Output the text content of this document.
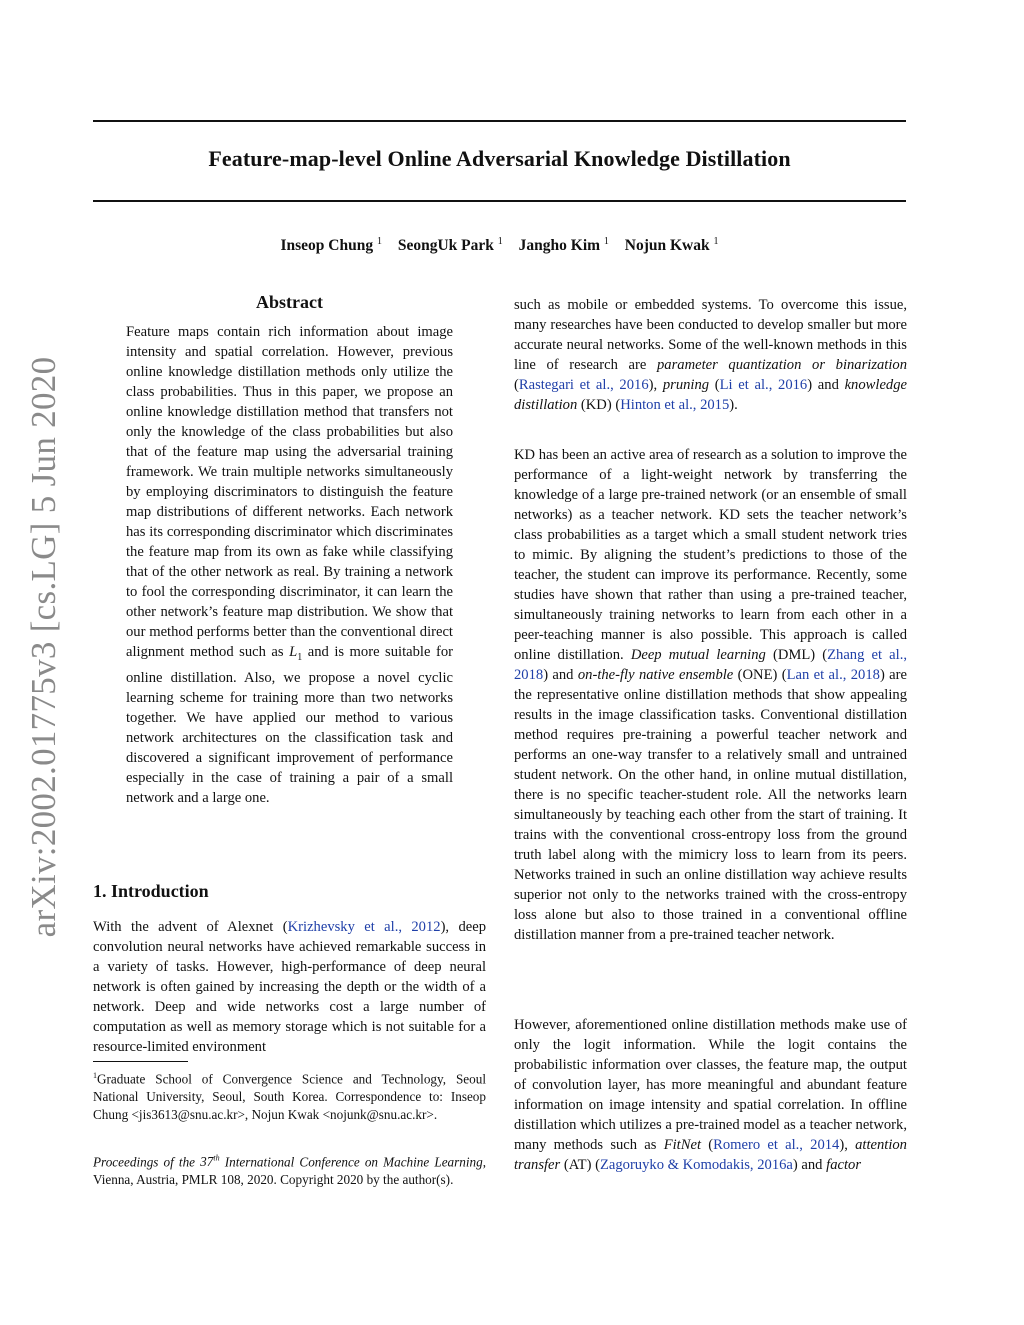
Feature-map-level Online Adversarial Knowledge Distillation
Inseop Chung $^1$ SeongUk Park $^1$ Jangho Kim $^1$ Nojun Kwak $^1$
arXiv:2002.01775v3 [cs.LG] 5 Jun 2020
Abstract
Feature maps contain rich information about image intensity and spatial correlation. However, previous online knowledge distillation methods only utilize the class probabilities. Thus in this paper, we propose an online knowledge distillation method that transfers not only the knowledge of the class probabilities but also that of the feature map using the adversarial training framework. We train multiple networks simultaneously by employing discriminators to distinguish the feature map distributions of different networks. Each network has its corresponding discriminator which discriminates the feature map from its own as fake while classifying that of the other network as real. By training a network to fool the corresponding discriminator, it can learn the other network’s feature map distribution. We show that our method performs better than the conventional direct alignment method such as $L_1$ and is more suitable for online distillation. Also, we propose a novel cyclic learning scheme for training more than two networks together. We have applied our method to various network architectures on the classification task and discovered a significant improvement of performance especially in the case of training a pair of a small network and a large one.
1. Introduction
With the advent of Alexnet (Krizhevsky et al., 2012), deep convolution neural networks have achieved remarkable success in a variety of tasks. However, high-performance of deep neural network is often gained by increasing the depth or the width of a network. Deep and wide networks cost a large number of computation as well as memory storage which is not suitable for a resource-limited environment
$^1$Graduate School of Convergence Science and Technology, Seoul National University, Seoul, South Korea. Correspondence to: Inseop Chung <jis3613@snu.ac.kr>, Nojun Kwak <nojunk@snu.ac.kr>.
Proceedings of the 37th International Conference on Machine Learning, Vienna, Austria, PMLR 108, 2020. Copyright 2020 by the author(s).
such as mobile or embedded systems. To overcome this issue, many researches have been conducted to develop smaller but more accurate neural networks. Some of the well-known methods in this line of research are parameter quantization or binarization (Rastegari et al., 2016), pruning (Li et al., 2016) and knowledge distillation (KD) (Hinton et al., 2015).
KD has been an active area of research as a solution to improve the performance of a light-weight network by transferring the knowledge of a large pre-trained network (or an ensemble of small networks) as a teacher network. KD sets the teacher network’s class probabilities as a target which a small student network tries to mimic. By aligning the student’s predictions to those of the teacher, the student can improve its performance. Recently, some studies have shown that rather than using a pre-trained teacher, simultaneously training networks to learn from each other in a peer-teaching manner is also possible. This approach is called online distillation. Deep mutual learning (DML) (Zhang et al., 2018) and on-the-fly native ensemble (ONE) (Lan et al., 2018) are the representative online distillation methods that show appealing results in the image classification tasks. Conventional distillation method requires pre-training a powerful teacher network and performs an one-way transfer to a relatively small and untrained student network. On the other hand, in online mutual distillation, there is no specific teacher-student role. All the networks learn simultaneously by teaching each other from the start of training. It trains with the conventional cross-entropy loss from the ground truth label along with the mimicry loss to learn from its peers. Networks trained in such an online distillation way achieve results superior not only to the networks trained with the cross-entropy loss alone but also to those trained in a conventional offline distillation manner from a pre-trained teacher network.
However, aforementioned online distillation methods make use of only the logit information. While the logit contains the probabilistic information over classes, the feature map, the output of convolution layer, has more meaningful and abundant feature information on image intensity and spatial correlation. In offline distillation which utilizes a pre-trained model as a teacher network, many methods such as FitNet (Romero et al., 2014), attention transfer (AT) (Zagoruyko & Komodakis, 2016a) and factor
